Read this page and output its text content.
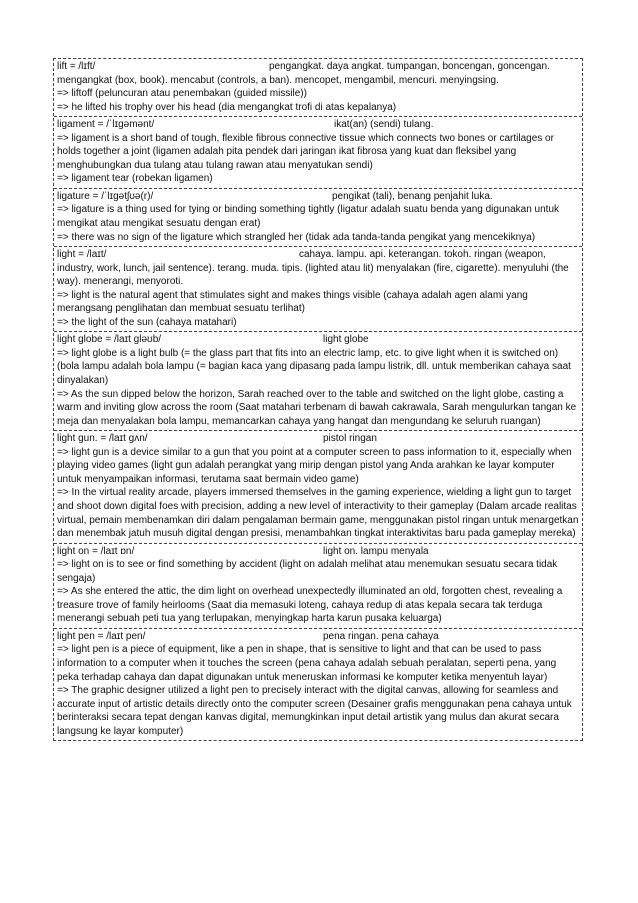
lift = /lɪft/	pengangkat. daya angkat. tumpangan, boncengan, goncengan.

mengangkat (box, book). mencabut (controls, a ban). mencopet, mengambil, mencuri. menyingsing.

=> liftoff (peluncuran atau penembakan (guided missile))

=> he lifted his trophy over his head (dia mengangkat trofi di atas kepalanya)

ligament = /ˈlɪɡəmənt/	ikat(an) (sendi) tulang.

=> ligament is a short band of tough, flexible fibrous connective tissue which connects two bones or cartilages or holds together a joint (ligamen adalah pita pendek dari jaringan ikat fibrosa yang kuat dan fleksibel yang menghubungkan dua tulang atau tulang rawan atau menyatukan sendi)

=> ligament tear (robekan ligamen)

ligature = /ˈlɪɡətʃʊə(r)/	pengikat (tali), benang penjahit luka.

=> ligature is a thing used for tying or binding something tightly (ligatur adalah suatu benda yang digunakan untuk mengikat atau mengikat sesuatu dengan erat)

=> there was no sign of the ligature which strangled her (tidak ada tanda-tanda pengikat yang mencekiknya)

light = /laɪt/	cahaya. lampu. api. keterangan. tokoh. ringan (weapon,

industry, work, lunch, jail sentence). terang. muda. tipis. (lighted atau lit) menyalakan (fire, cigarette). menyuluhi (the way). menerangi, menyoroti.

=> light is the natural agent that stimulates sight and makes things visible (cahaya adalah agen alami yang merangsang penglihatan dan membuat sesuatu terlihat)

=> the light of the sun (cahaya matahari)

light globe = /laɪt ɡləʊb/	light globe

=> light globe is a light bulb (= the glass part that fits into an electric lamp, etc. to give light when it is switched on) (bola lampu adalah bola lampu (= bagian kaca yang dipasang pada lampu listrik, dll. untuk memberikan cahaya saat dinyalakan)

=> As the sun dipped below the horizon, Sarah reached over to the table and switched on the light globe, casting a warm and inviting glow across the room (Saat matahari terbenam di bawah cakrawala, Sarah mengulurkan tangan ke meja dan menyalakan bola lampu, memancarkan cahaya yang hangat dan mengundang ke seluruh ruangan)

light gun. = /laɪt ɡʌn/	pistol ringan

=> light gun is a device similar to a gun that you point at a computer screen to pass information to it, especially when playing video games (light gun adalah perangkat yang mirip dengan pistol yang Anda arahkan ke layar komputer untuk menyampaikan informasi, terutama saat bermain video game)

=> In the virtual reality arcade, players immersed themselves in the gaming experience, wielding a light gun to target and shoot down digital foes with precision, adding a new level of interactivity to their gameplay (Dalam arcade realitas virtual, pemain membenamkan diri dalam pengalaman bermain game, menggunakan pistol ringan untuk menargetkan dan menembak jatuh musuh digital dengan presisi, menambahkan tingkat interaktivitas baru pada gameplay mereka)

light on = /laɪt ɒn/	light on. lampu menyala

=> light on is to see or find something by accident (light on adalah melihat atau menemukan sesuatu secara tidak sengaja)

=> As she entered the attic, the dim light on overhead unexpectedly illuminated an old, forgotten chest, revealing a treasure trove of family heirlooms (Saat dia memasuki loteng, cahaya redup di atas kepala secara tak terduga menerangi sebuah peti tua yang terlupakan, menyingkap harta karun pusaka keluarga)

light pen = /laɪt pen/	pena ringan. pena cahaya

=> light pen is a piece of equipment, like a pen in shape, that is sensitive to light and that can be used to pass information to a computer when it touches the screen (pena cahaya adalah sebuah peralatan, seperti pena, yang peka terhadap cahaya dan dapat digunakan untuk meneruskan informasi ke komputer ketika menyentuh layar)

=> The graphic designer utilized a light pen to precisely interact with the digital canvas, allowing for seamless and accurate input of artistic details directly onto the computer screen (Desainer grafis menggunakan pena cahaya untuk berinteraksi secara tepat dengan kanvas digital, memungkinkan input detail artistik yang mulus dan akurat secara langsung ke layar komputer)
